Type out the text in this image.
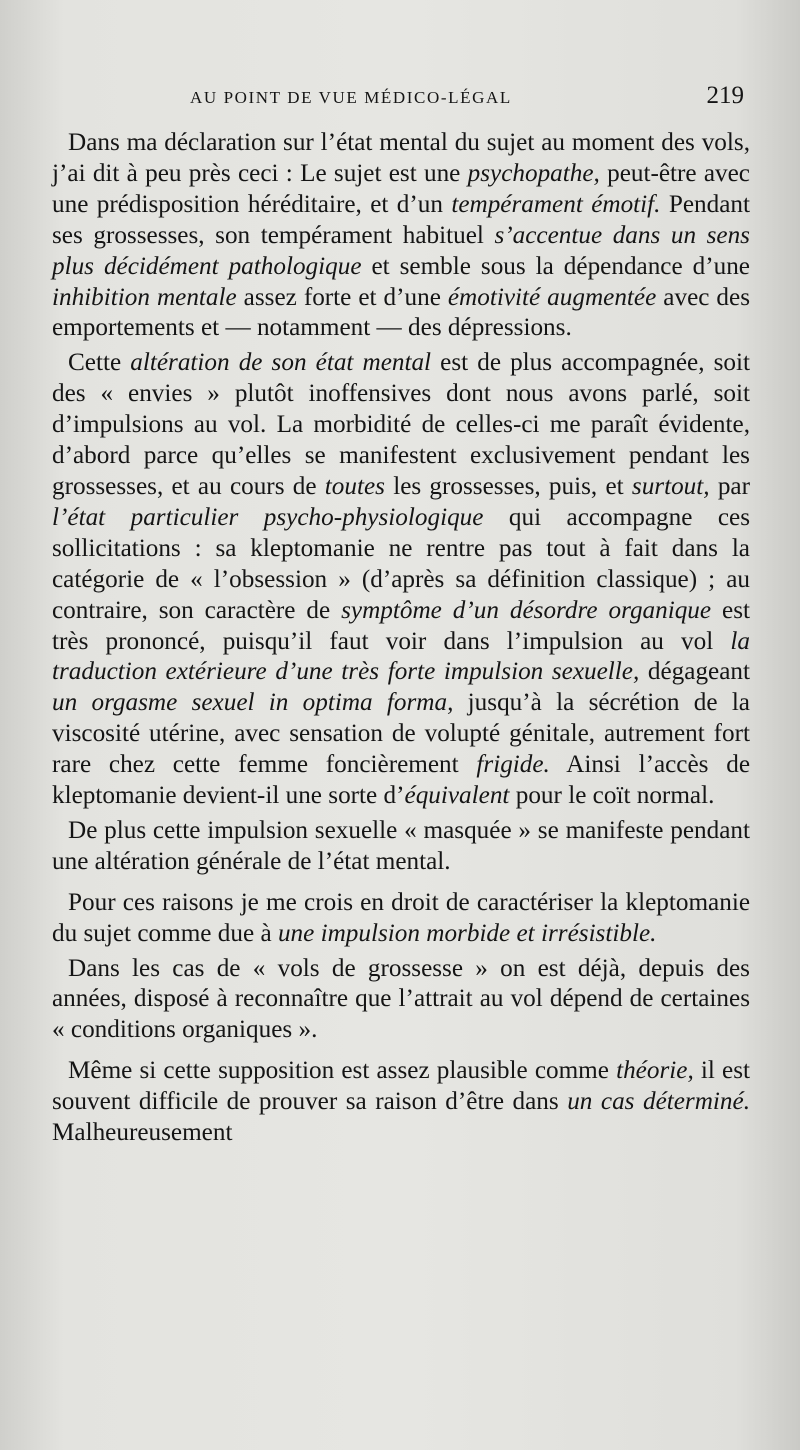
AU POINT DE VUE MÉDICO-LÉGAL	219

Dans ma déclaration sur l’état mental du sujet au moment des vols, j’ai dit à peu près ceci : Le sujet est une psychopathe, peut-être avec une prédisposition héréditaire, et d’un tempérament émotif. Pendant ses grossesses, son tempérament habituel s’accentue dans un sens plus décidément pathologique et semble sous la dépendance d’une inhibition mentale assez forte et d’une émotivité augmentée avec des emportements et — notamment — des dépressions.

Cette altération de son état mental est de plus accompagnée, soit des « envies » plutôt inoffensives dont nous avons parlé, soit d’impulsions au vol. La morbidité de celles-ci me paraît évidente, d’abord parce qu’elles se manifestent exclusivement pendant les grossesses, et au cours de toutes les grossesses, puis, et surtout, par l’état particulier psycho-physiologique qui accompagne ces sollicitations : sa kleptomanie ne rentre pas tout à fait dans la catégorie de « l’obsession » (d’après sa définition classique) ; au contraire, son caractère de symptôme d’un désordre organique est très prononcé, puisqu’il faut voir dans l’impulsion au vol la traduction extérieure d’une très forte impulsion sexuelle, dégageant un orgasme sexuel in optima forma, jusqu’à la sécrétion de la viscosité utérine, avec sensation de volupté génitale, autrement fort rare chez cette femme foncièrement frigide. Ainsi l’accès de kleptomanie devient-il une sorte d’équivalent pour le coït normal.

De plus cette impulsion sexuelle « masquée » se manifeste pendant une altération générale de l’état mental.

Pour ces raisons je me crois en droit de caractériser la kleptomanie du sujet comme due à une impulsion morbide et irrésistible.

Dans les cas de « vols de grossesse » on est déjà, depuis des années, disposé à reconnaître que l’attrait au vol dépend de certaines « conditions organiques ».

Même si cette supposition est assez plausible comme théorie, il est souvent difficile de prouver sa raison d’être dans un cas déterminé. Malheureusement
